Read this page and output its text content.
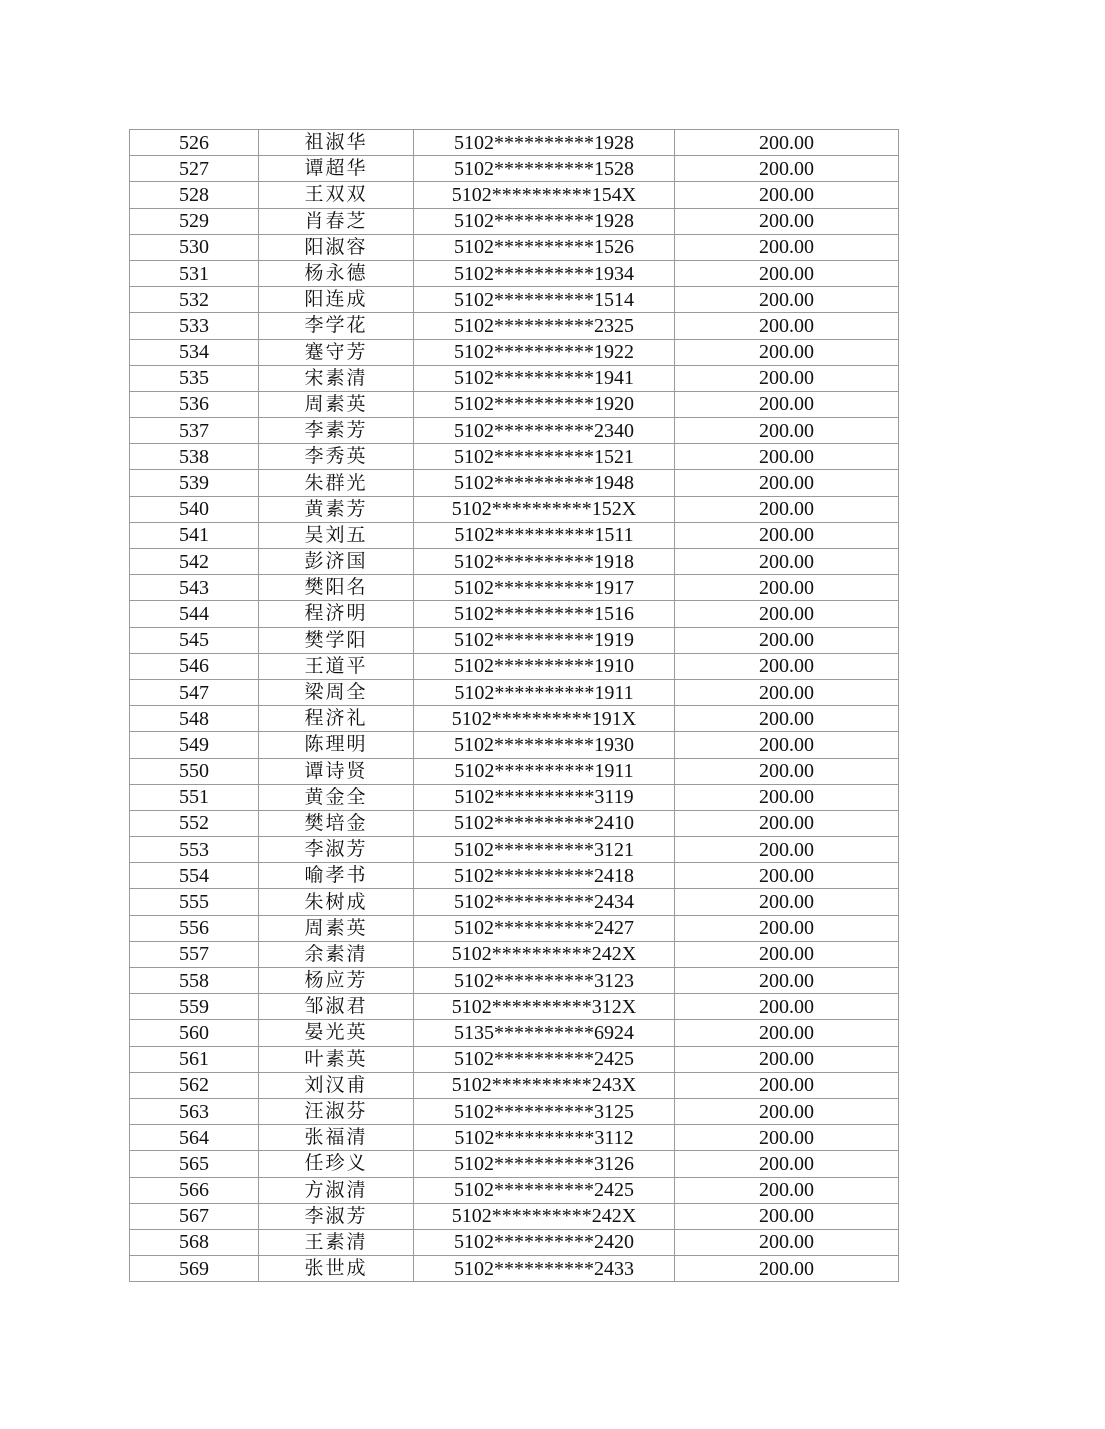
526	祖淑华	5102**********1928	200.00
527	谭超华	5102**********1528	200.00
528	王双双	5102**********154X	200.00
529	肖春芝	5102**********1928	200.00
530	阳淑容	5102**********1526	200.00
531	杨永德	5102**********1934	200.00
532	阳连成	5102**********1514	200.00
533	李学花	5102**********2325	200.00
534	蹇守芳	5102**********1922	200.00
535	宋素清	5102**********1941	200.00
536	周素英	5102**********1920	200.00
537	李素芳	5102**********2340	200.00
538	李秀英	5102**********1521	200.00
539	朱群光	5102**********1948	200.00
540	黄素芳	5102**********152X	200.00
541	吴刘五	5102**********1511	200.00
542	彭济国	5102**********1918	200.00
543	樊阳名	5102**********1917	200.00
544	程济明	5102**********1516	200.00
545	樊学阳	5102**********1919	200.00
546	王道平	5102**********1910	200.00
547	梁周全	5102**********1911	200.00
548	程济礼	5102**********191X	200.00
549	陈理明	5102**********1930	200.00
550	谭诗贤	5102**********1911	200.00
551	黄金全	5102**********3119	200.00
552	樊培金	5102**********2410	200.00
553	李淑芳	5102**********3121	200.00
554	喻孝书	5102**********2418	200.00
555	朱树成	5102**********2434	200.00
556	周素英	5102**********2427	200.00
557	余素清	5102**********242X	200.00
558	杨应芳	5102**********3123	200.00
559	邹淑君	5102**********312X	200.00
560	晏光英	5135**********6924	200.00
561	叶素英	5102**********2425	200.00
562	刘汉甫	5102**********243X	200.00
563	汪淑芬	5102**********3125	200.00
564	张福清	5102**********3112	200.00
565	任珍义	5102**********3126	200.00
566	方淑清	5102**********2425	200.00
567	李淑芳	5102**********242X	200.00
568	王素清	5102**********2420	200.00
569	张世成	5102**********2433	200.00
